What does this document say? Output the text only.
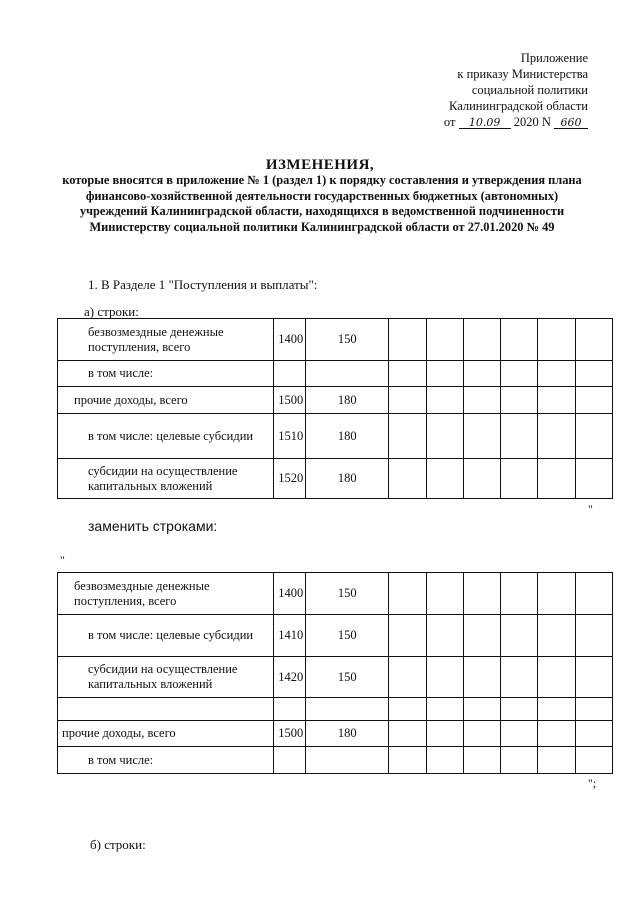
Приложение
к приказу Министерства
социальной политики
Калининградской области
от 10.09 2020 N 660
ИЗМЕНЕНИЯ,
которые вносятся в приложение № 1 (раздел 1) к порядку составления и утверждения плана финансово-хозяйственной деятельности государственных бюджетных (автономных) учреждений Калининградской области, находящихся в ведомственной подчиненности Министерству социальной политики Калининградской области от 27.01.2020 № 49
1. В Разделе 1 "Поступления и выплаты":
а) строки:
безвозмездные денежные поступления, всего	1400	150						
в том числе:								
прочие доходы, всего	1500	180						
в том числе: целевые субсидии	1510	180						
субсидии на осуществление капитальных вложений	1520	180						
"
заменить строками:
"
безвозмездные денежные поступления, всего	1400	150						
в том числе: целевые субсидии	1410	150						
субсидии на осуществление капитальных вложений	1420	150						

прочие доходы, всего	1500	180						
в том числе:								
";
б) строки:
